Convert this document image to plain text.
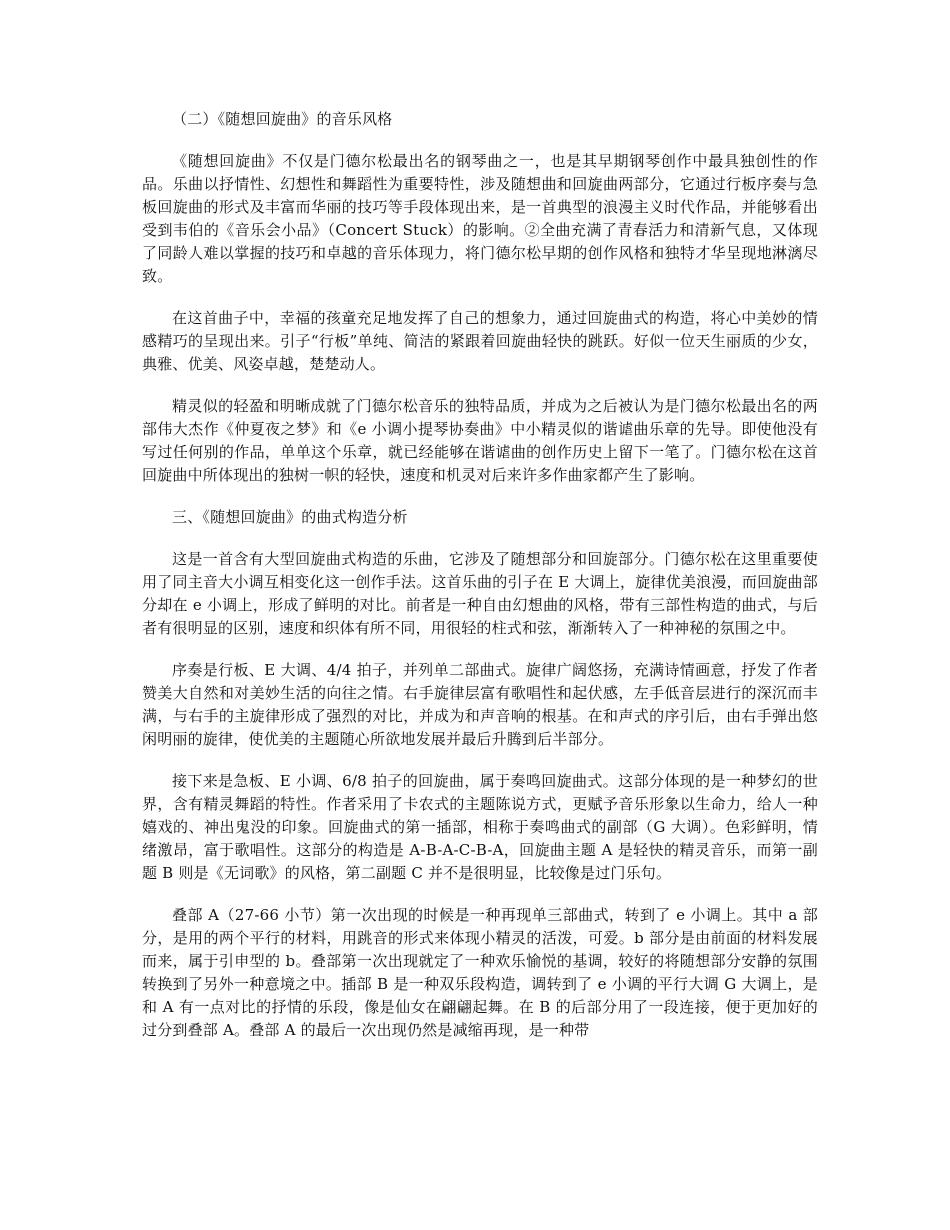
（二）《随想回旋曲》的音乐风格

《随想回旋曲》不仅是门德尔松最出名的钢琴曲之一，也是其早期钢琴创作中最具独创性的作品。乐曲以抒情性、幻想性和舞蹈性为重要特性，涉及随想曲和回旋曲两部分，它通过行板序奏与急板回旋曲的形式及丰富而华丽的技巧等手段体现出来，是一首典型的浪漫主义时代作品，并能够看出受到韦伯的《音乐会小品》（Concert Stuck）的影响。②全曲充满了青春活力和清新气息，又体现了同龄人难以掌握的技巧和卓越的音乐体现力，将门德尔松早期的创作风格和独特才华呈现地淋漓尽致。

在这首曲子中，幸福的孩童充足地发挥了自己的想象力，通过回旋曲式的构造，将心中美妙的情感精巧的呈现出来。引子“行板”单纯、简洁的紧跟着回旋曲轻快的跳跃。好似一位天生丽质的少女，典雅、优美、风姿卓越，楚楚动人。

精灵似的轻盈和明晰成就了门德尔松音乐的独特品质，并成为之后被认为是门德尔松最出名的两部伟大杰作《仲夏夜之梦》和《e 小调小提琴协奏曲》中小精灵似的谐谑曲乐章的先导。即使他没有写过任何别的作品，单单这个乐章，就已经能够在谐谑曲的创作历史上留下一笔了。门德尔松在这首回旋曲中所体现出的独树一帜的轻快，速度和机灵对后来许多作曲家都产生了影响。

三、《随想回旋曲》的曲式构造分析

这是一首含有大型回旋曲式构造的乐曲，它涉及了随想部分和回旋部分。门德尔松在这里重要使用了同主音大小调互相变化这一创作手法。这首乐曲的引子在 E 大调上，旋律优美浪漫，而回旋曲部分却在 e 小调上，形成了鲜明的对比。前者是一种自由幻想曲的风格，带有三部性构造的曲式，与后者有很明显的区别，速度和织体有所不同，用很轻的柱式和弦，渐渐转入了一种神秘的氛围之中。

序奏是行板、E 大调、4/4 拍子，并列单二部曲式。旋律广阔悠扬，充满诗情画意，抒发了作者赞美大自然和对美妙生活的向往之情。右手旋律层富有歌唱性和起伏感，左手低音层进行的深沉而丰满，与右手的主旋律形成了强烈的对比，并成为和声音响的根基。在和声式的序引后，由右手弹出悠闲明丽的旋律，使优美的主题随心所欲地发展并最后升腾到后半部分。

接下来是急板、E 小调、6/8 拍子的回旋曲，属于奏鸣回旋曲式。这部分体现的是一种梦幻的世界，含有精灵舞蹈的特性。作者采用了卡农式的主题陈说方式，更赋予音乐形象以生命力，给人一种嬉戏的、神出鬼没的印象。回旋曲式的第一插部，相称于奏鸣曲式的副部（G 大调）。色彩鲜明，情绪激昂，富于歌唱性。这部分的构造是 A-B-A-C-B-A，回旋曲主题 A 是轻快的精灵音乐，而第一副题 B 则是《无词歌》的风格，第二副题 C 并不是很明显，比较像是过门乐句。

叠部 A（27-66 小节）第一次出现的时候是一种再现单三部曲式，转到了 e 小调上。其中 a 部分，是用的两个平行的材料，用跳音的形式来体现小精灵的活泼，可爱。b 部分是由前面的材料发展而来，属于引申型的 b。叠部第一次出现就定了一种欢乐愉悦的基调，较好的将随想部分安静的氛围转换到了另外一种意境之中。插部 B 是一种双乐段构造，调转到了 e 小调的平行大调 G 大调上，是和 A 有一点对比的抒情的乐段，像是仙女在翩翩起舞。在 B 的后部分用了一段连接，便于更加好的过分到叠部 A。叠部 A 的最后一次出现仍然是减缩再现，是一种带
